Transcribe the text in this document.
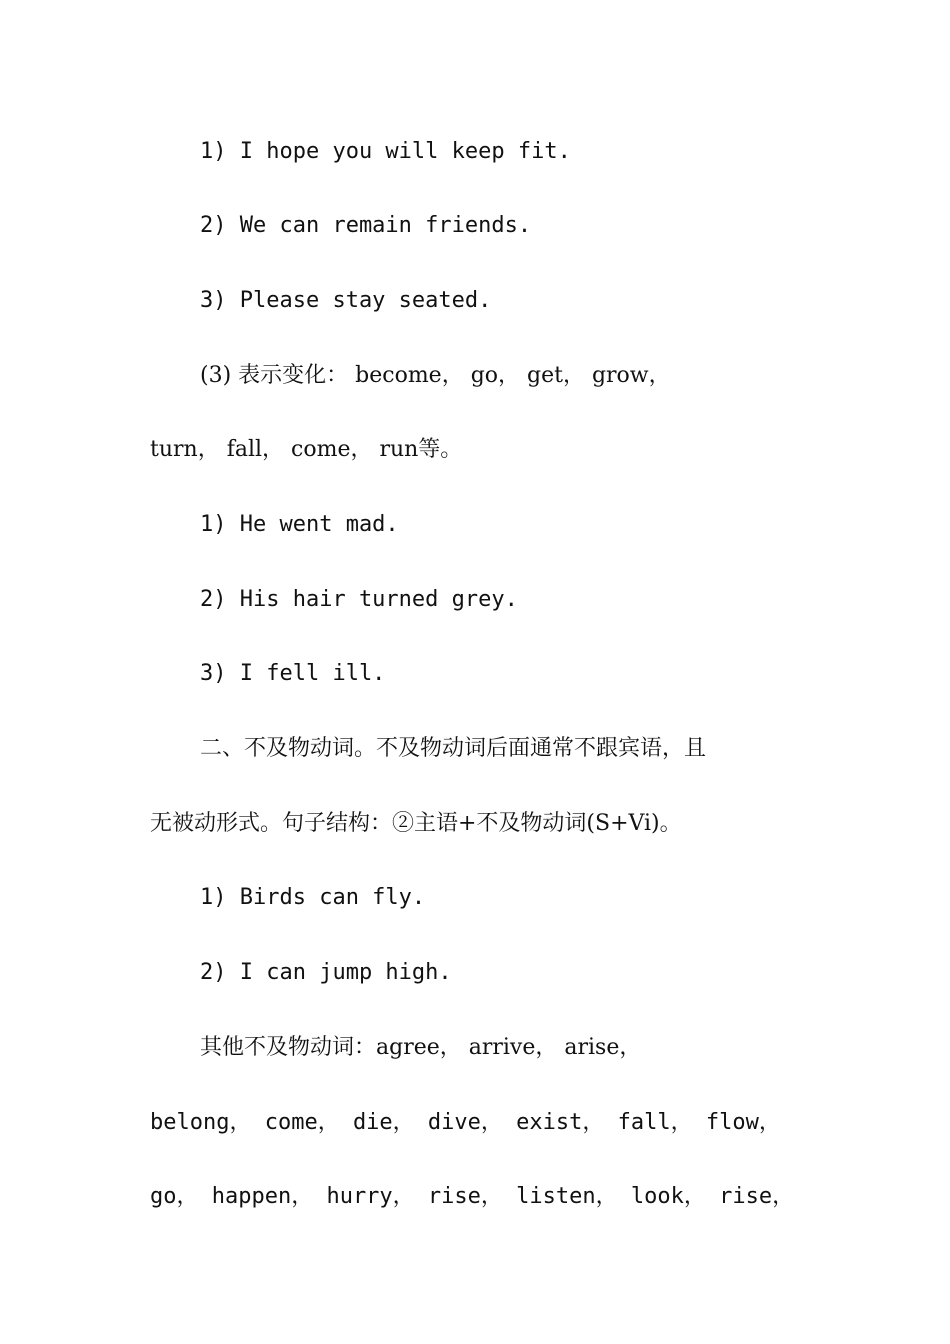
1) I hope you will keep fit.
2) We can remain friends.
3) Please stay seated.
(3) 表示变化： become， go， get， grow，
turn， fall， come， run等。
1) He went mad.
2) His hair turned grey.
3) I fell ill.
二、不及物动词。不及物动词后面通常不跟宾语，且
无被动形式。句子结构：②主语+不及物动词(S+Vi)。
1) Birds can fly.
2) I can jump high.
其他不及物动词：agree， arrive， arise，
belong， come， die， dive， exist， fall， flow，
go， happen， hurry， rise， listen， look， rise，
